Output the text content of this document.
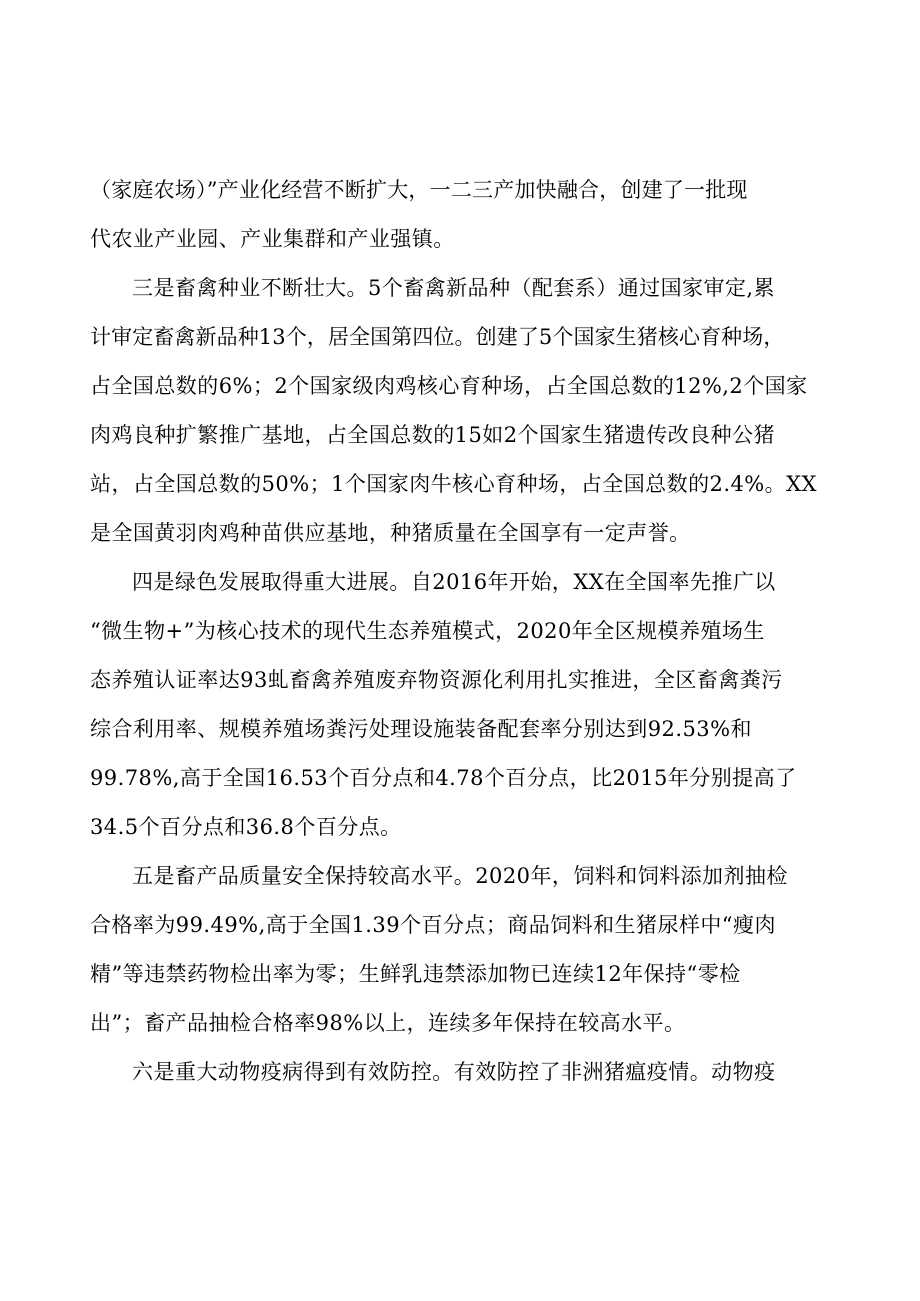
（家庭农场）”产业化经营不断扩大，一二三产加快融合，创建了一批现
代农业产业园、产业集群和产业强镇。
三是畜禽种业不断壮大。5个畜禽新品种（配套系）通过国家审定,累
计审定畜禽新品种13个，居全国第四位。创建了5个国家生猪核心育种场，
占全国总数的6%；2个国家级肉鸡核心育种场，占全国总数的12%,2个国家
肉鸡良种扩繁推广基地，占全国总数的15如2个国家生猪遗传改良种公猪
站，占全国总数的50%；1个国家肉牛核心育种场，占全国总数的2.4%。XX
是全国黄羽肉鸡种苗供应基地，种猪质量在全国享有一定声誉。
四是绿色发展取得重大进展。自2016年开始，XX在全国率先推广以
“微生物+”为核心技术的现代生态养殖模式，2020年全区规模养殖场生
态养殖认证率达93虬畜禽养殖废弃物资源化利用扎实推进，全区畜禽粪污
综合利用率、规模养殖场粪污处理设施装备配套率分别达到92.53%和
99.78%,高于全国16.53个百分点和4.78个百分点，比2015年分别提高了
34.5个百分点和36.8个百分点。
五是畜产品质量安全保持较高水平。2020年，饲料和饲料添加剂抽检
合格率为99.49%,高于全国1.39个百分点；商品饲料和生猪尿样中“瘦肉
精”等违禁药物检出率为零；生鲜乳违禁添加物已连续12年保持“零检
出”；畜产品抽检合格率98%以上，连续多年保持在较高水平。
六是重大动物疫病得到有效防控。有效防控了非洲猪瘟疫情。动物疫
